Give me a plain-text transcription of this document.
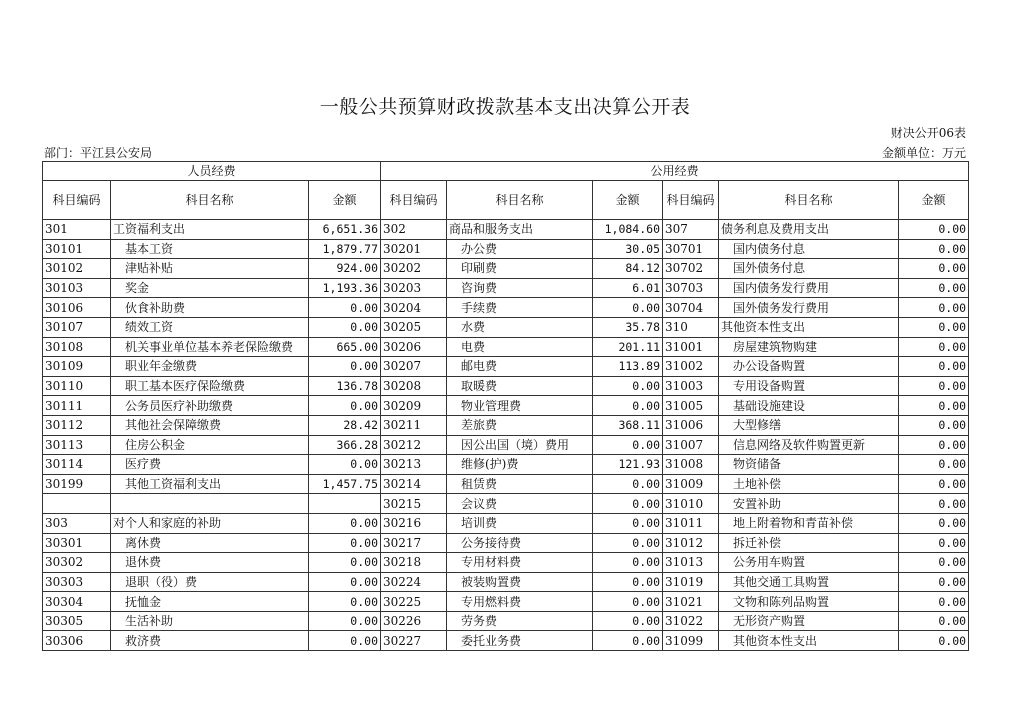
一般公共预算财政拨款基本支出决算公开表
财决公开06表
部门：平江县公安局	金额单位：万元
人员经费			公用经费					
科目编码	科目名称	金额	科目编码	科目名称	金额	科目编码	科目名称	金额
301	工资福利支出	6,651.36	302	商品和服务支出	1,084.60	307	债务利息及费用支出	0.00
30101	基本工资	1,879.77	30201	办公费	30.05	30701	国内债务付息	0.00
30102	津贴补贴	924.00	30202	印刷费	84.12	30702	国外债务付息	0.00
30103	奖金	1,193.36	30203	咨询费	6.01	30703	国内债务发行费用	0.00
30106	伙食补助费	0.00	30204	手续费	0.00	30704	国外债务发行费用	0.00
30107	绩效工资	0.00	30205	水费	35.78	310	其他资本性支出	0.00
30108	机关事业单位基本养老保险缴费	665.00	30206	电费	201.11	31001	房屋建筑物购建	0.00
30109	职业年金缴费	0.00	30207	邮电费	113.89	31002	办公设备购置	0.00
30110	职工基本医疗保险缴费	136.78	30208	取暖费	0.00	31003	专用设备购置	0.00
30111	公务员医疗补助缴费	0.00	30209	物业管理费	0.00	31005	基础设施建设	0.00
30112	其他社会保障缴费	28.42	30211	差旅费	368.11	31006	大型修缮	0.00
30113	住房公积金	366.28	30212	因公出国（境）费用	0.00	31007	信息网络及软件购置更新	0.00
30114	医疗费	0.00	30213	维修(护)费	121.93	31008	物资储备	0.00
30199	其他工资福利支出	1,457.75	30214	租赁费	0.00	31009	土地补偿	0.00
			30215	会议费	0.00	31010	安置补助	0.00
303	对个人和家庭的补助	0.00	30216	培训费	0.00	31011	地上附着物和青苗补偿	0.00
30301	离休费	0.00	30217	公务接待费	0.00	31012	拆迁补偿	0.00
30302	退休费	0.00	30218	专用材料费	0.00	31013	公务用车购置	0.00
30303	退职（役）费	0.00	30224	被装购置费	0.00	31019	其他交通工具购置	0.00
30304	抚恤金	0.00	30225	专用燃料费	0.00	31021	文物和陈列品购置	0.00
30305	生活补助	0.00	30226	劳务费	0.00	31022	无形资产购置	0.00
30306	救济费	0.00	30227	委托业务费	0.00	31099	其他资本性支出	0.00
